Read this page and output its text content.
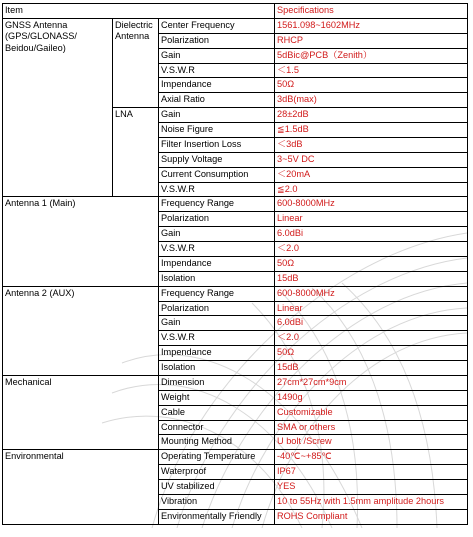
Item			Specifications
GNSS Antenna (GPS/GLONASS/ Beidou/Gaileo)	Dielectric Antenna	Center Frequency	1561.098~1602MHz
		Polarization	RHCP
		Gain	5dBic@PCB（Zenith）
		V.S.W.R	＜1.5
		Impendance	50Ω
		Axial Ratio	3dB(max)
	LNA	Gain	28±2dB
		Noise Figure	≦1.5dB
		Filter Insertion Loss	＜3dB
		Supply Voltage	3~5V DC
		Current Consumption	＜20mA
		V.S.W.R	≦2.0
Antenna 1 (Main)		Frequency Range	600-8000MHz
		Polarization	Linear
		Gain	6.0dBi
		V.S.W.R	＜2.0
		Impendance	50Ω
		Isolation	15dB
Antenna 2 (AUX)		Frequency Range	600-8000MHz
		Polarization	Linear
		Gain	6.0dBi
		V.S.W.R	＜2.0
		Impendance	50Ω
		Isolation	15dB
Mechanical		Dimension	27cm*27cm*9cm
		Weight	1490g
		Cable	Customizable
		Connector	SMA or others
		Mounting Method	U bolt /Screw
Environmental		Operating Temperature	-40℃~+85℃
		Waterproof	IP67
		UV stabilized	YES
		Vibration	10 to 55Hz with 1.5mm amplitude 2hours
		Environmentally Friendly	ROHS Compliant
